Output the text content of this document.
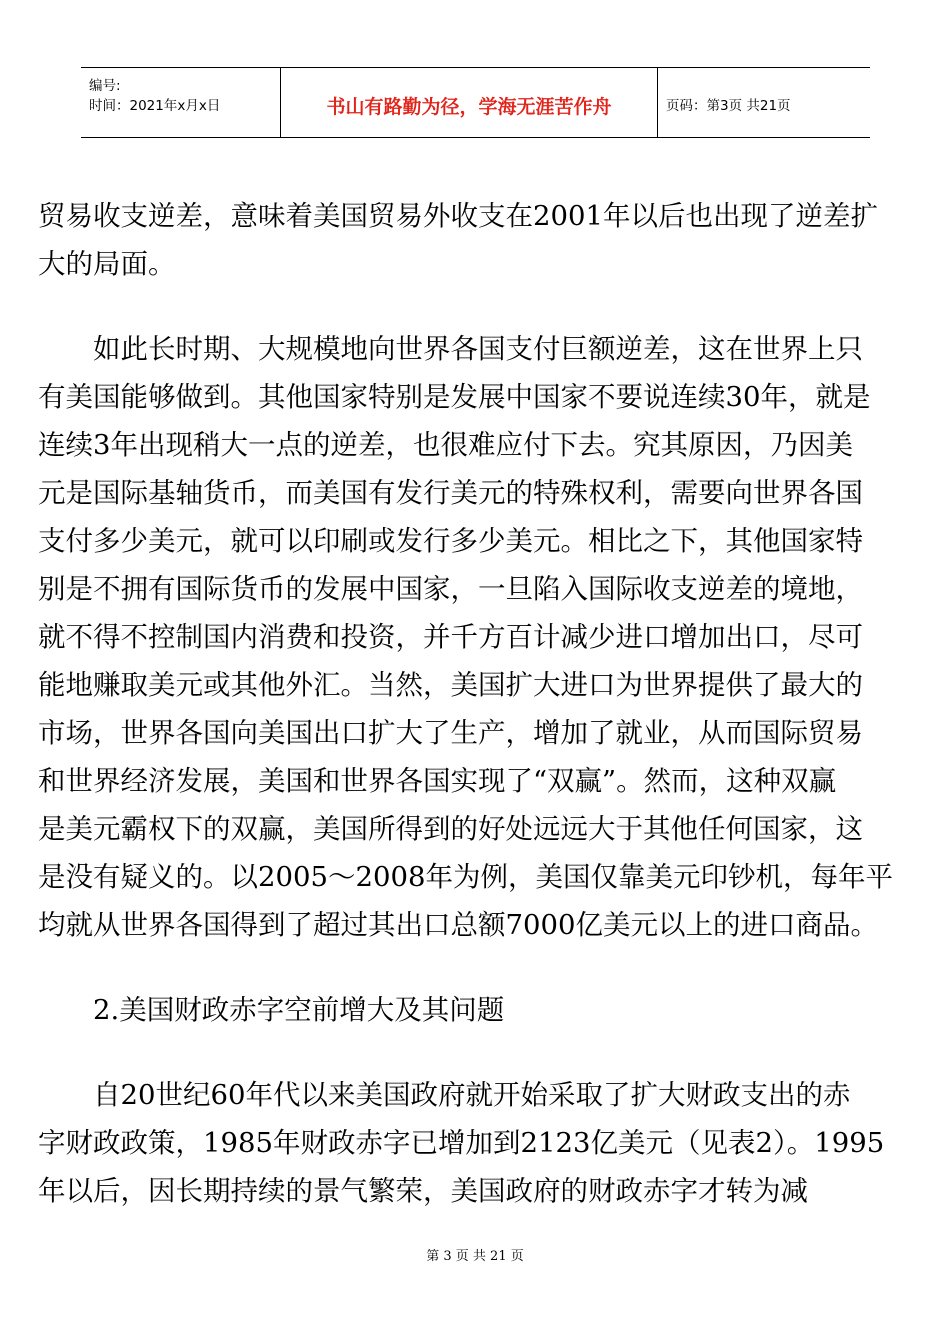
编号:
时间：2021年x月x日	书山有路勤为径，学海无涯苦作舟	页码：第3页 共21页
贸易收支逆差，意味着美国贸易外收支在2001年以后也出现了逆差扩
大的局面。
如此长时期、大规模地向世界各国支付巨额逆差，这在世界上只
有美国能够做到。其他国家特别是发展中国家不要说连续30年，就是
连续3年出现稍大一点的逆差，也很难应付下去。究其原因，乃因美
元是国际基轴货币，而美国有发行美元的特殊权利，需要向世界各国
支付多少美元，就可以印刷或发行多少美元。相比之下，其他国家特
别是不拥有国际货币的发展中国家，一旦陷入国际收支逆差的境地，
就不得不控制国内消费和投资，并千方百计减少进口增加出口，尽可
能地赚取美元或其他外汇。当然，美国扩大进口为世界提供了最大的
市场，世界各国向美国出口扩大了生产，增加了就业，从而国际贸易
和世界经济发展，美国和世界各国实现了“双赢”。然而，这种双赢
是美元霸权下的双赢，美国所得到的好处远远大于其他任何国家，这
是没有疑义的。以2005～2008年为例，美国仅靠美元印钞机，每年平
均就从世界各国得到了超过其出口总额7000亿美元以上的进口商品。
2.美国财政赤字空前增大及其问题
自20世纪60年代以来美国政府就开始采取了扩大财政支出的赤
字财政政策，1985年财政赤字已增加到2123亿美元（见表2）。1995
年以后，因长期持续的景气繁荣，美国政府的财政赤字才转为减
第 3 页 共 21 页
